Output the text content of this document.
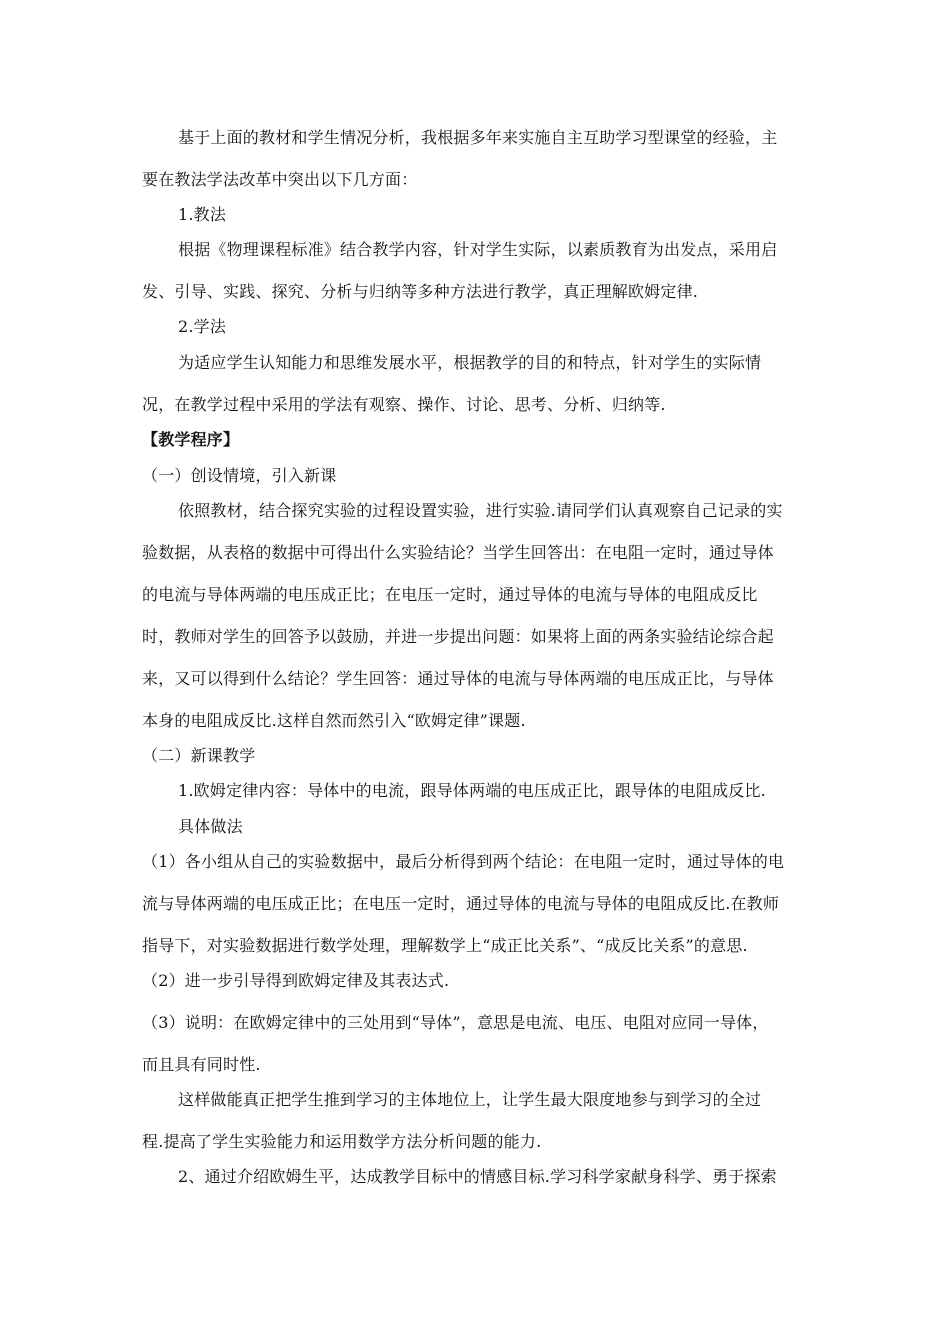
基于上面的教材和学生情况分析，我根据多年来实施自主互助学习型课堂的经验，主
要在教法学法改革中突出以下几方面：
1.教法
根据《物理课程标准》结合教学内容，针对学生实际，以素质教育为出发点，采用启
发、引导、实践、探究、分析与归纳等多种方法进行教学，真正理解欧姆定律.
2.学法
为适应学生认知能力和思维发展水平，根据教学的目的和特点，针对学生的实际情
况，在教学过程中采用的学法有观察、操作、讨论、思考、分析、归纳等.
【教学程序】
（一）创设情境，引入新课
依照教材，结合探究实验的过程设置实验，进行实验.请同学们认真观察自己记录的实
验数据，从表格的数据中可得出什么实验结论？当学生回答出：在电阻一定时，通过导体
的电流与导体两端的电压成正比；在电压一定时，通过导体的电流与导体的电阻成反比
时，教师对学生的回答予以鼓励，并进一步提出问题：如果将上面的两条实验结论综合起
来，又可以得到什么结论？学生回答：通过导体的电流与导体两端的电压成正比，与导体
本身的电阻成反比.这样自然而然引入“欧姆定律”课题.
（二）新课教学
1.欧姆定律内容：导体中的电流，跟导体两端的电压成正比，跟导体的电阻成反比.
具体做法
（1）各小组从自己的实验数据中，最后分析得到两个结论：在电阻一定时，通过导体的电
流与导体两端的电压成正比；在电压一定时，通过导体的电流与导体的电阻成反比.在教师
指导下，对实验数据进行数学处理，理解数学上“成正比关系”、“成反比关系”的意思.
（2）进一步引导得到欧姆定律及其表达式.
（3）说明：在欧姆定律中的三处用到“导体”，意思是电流、电压、电阻对应同一导体，
而且具有同时性.
这样做能真正把学生推到学习的主体地位上，让学生最大限度地参与到学习的全过
程.提高了学生实验能力和运用数学方法分析问题的能力.
2、通过介绍欧姆生平，达成教学目标中的情感目标.学习科学家献身科学、勇于探索
